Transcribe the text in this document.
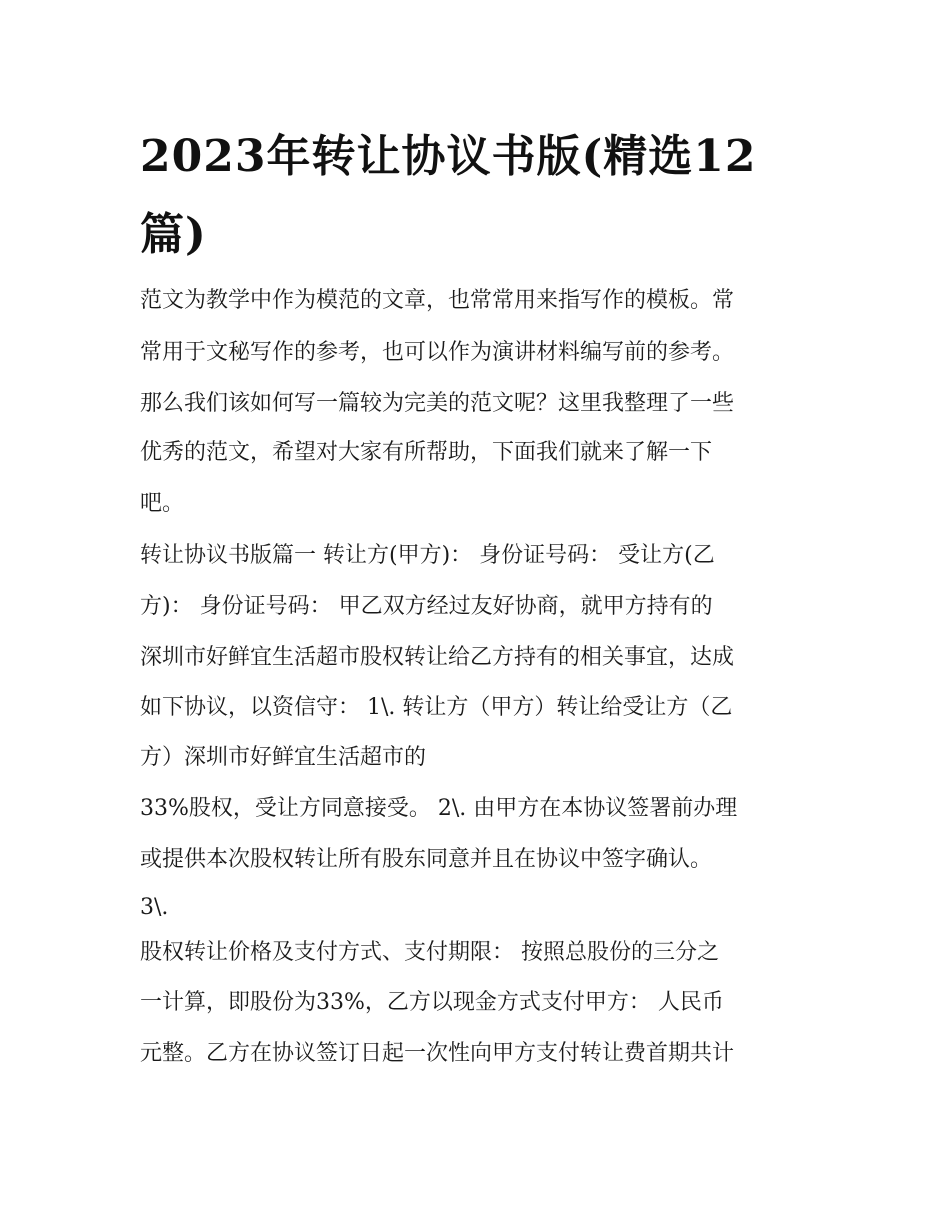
2023年转让协议书版(精选12篇)

范文为教学中作为模范的文章，也常常用来指写作的模板。常

常用于文秘写作的参考，也可以作为演讲材料编写前的参考。

那么我们该如何写一篇较为完美的范文呢？这里我整理了一些

优秀的范文，希望对大家有所帮助，下面我们就来了解一下

吧。

转让协议书版篇一 转让方(甲方)： 身份证号码： 受让方(乙

方)： 身份证号码： 甲乙双方经过友好协商，就甲方持有的

深圳市好鲜宜生活超市股权转让给乙方持有的相关事宜，达成

如下协议，以资信守： 1\. 转让方（甲方）转让给受让方（乙

方）深圳市好鲜宜生活超市的

33%股权，受让方同意接受。 2\. 由甲方在本协议签署前办理

或提供本次股权转让所有股东同意并且在协议中签字确认。

3\.

股权转让价格及支付方式、支付期限： 按照总股份的三分之

一计算，即股份为33%，乙方以现金方式支付甲方： 人民币

元整。乙方在协议签订日起一次性向甲方支付转让费首期共计
